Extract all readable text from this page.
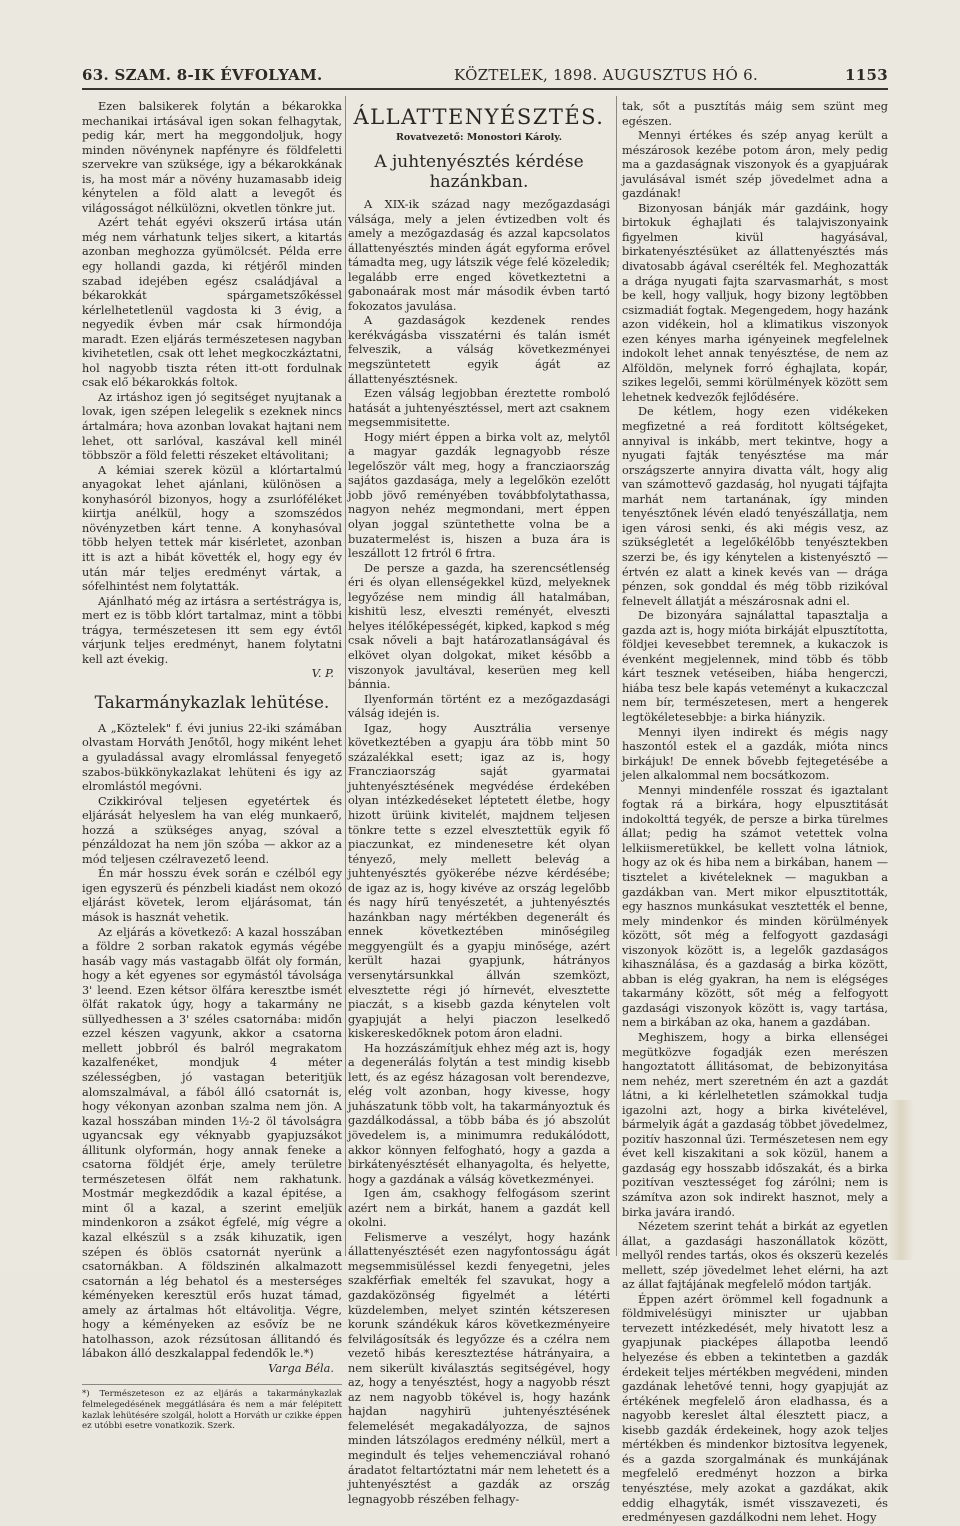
63. SZAM. 8-IK ÉVFOLYAM.	KÖZTELEK, 1898. AUGUSZTUS HÓ 6.	1153

Ezen balsikerek folytán a békarokka mechanikai irtásával igen sokan felhagytak, pedig kár, mert ha meggondoljuk, hogy minden növénynek napfényre és földfeletti szervekre van szüksége, igy a békarokkának is, ha most már a növény huzamasabb ideig kénytelen a föld alatt a levegőt és világosságot nélkülözni, okvetlen tönkre jut.

Azért tehát egyévi okszerű irtása után még nem várhatunk teljes sikert, a kitartás azonban meghozza gyümölcsét. Példa erre egy hollandi gazda, ki rétjéről minden szabad idejében egész családjával a békarokkát spárgametszőkéssel kérlelhetetlenül vagdosta ki 3 évig, a negyedik évben már csak hírmondója maradt. Ezen eljárás természetesen nagyban kivihetetlen, csak ott lehet megkoczkáztatni, hol nagyobb tiszta réten itt-ott fordulnak csak elő békarokkás foltok.

Az irtáshoz igen jó segitséget nyujtanak a lovak, igen szépen lelegelik s ezeknek nincs ártalmára; hova azonban lovakat hajtani nem lehet, ott sarlóval, kaszával kell minél többször a föld feletti részeket eltávolitani;

A kémiai szerek közül a klórtartalmú anyagokat lehet ajánlani, különösen a konyhasóról bizonyos, hogy a zsurlóféléket kiirtja anélkül, hogy a szomszédos növényzetben kárt tenne. A konyhasóval több helyen tettek már kisérletet, azonban itt is azt a hibát követték el, hogy egy év után már teljes eredményt vártak, a sófelhintést nem folytatták.

Ajánlható még az irtásra a sertéstrágya is, mert ez is több klórt tartalmaz, mint a többi trágya, természetesen itt sem egy évtől várjunk teljes eredményt, hanem folytatni kell azt évekig.

V. P.
Takarmánykazlak lehütése.

A „Köztelek" f. évi junius 22-iki számában olvastam Horváth Jenőtől, hogy miként lehet a gyuladással avagy elromlással fenyegető szabos-bükkönykazlakat lehüteni és igy az elromlástól megóvni.

Czikkiróval teljesen egyetértek és eljárását helyeslem ha van elég munkaerő, hozzá a szükséges anyag, szóval a pénzáldozat ha nem jön szóba — akkor az a mód teljesen czélravezető leend.

Én már hosszu évek során e czélból egy igen egyszerü és pénzbeli kiadást nem okozó eljárást követek, lerom eljárásomat, tán mások is hasznát vehetik.

Az eljárás a következő: A kazal hosszában a földre 2 sorban rakatok egymás végébe hasáb vagy más vastagabb ölfát oly formán, hogy a két egyenes sor egymástól távolsága 3' leend. Ezen kétsor ölfára keresztbe ismét ölfát rakatok úgy, hogy a takarmány ne süllyedhessen a 3' széles csatornába: midőn ezzel készen vagyunk, akkor a csatorna mellett jobbról és balról megrakatom kazalfenéket, mondjuk 4 méter szélességben, jó vastagan beteritjük alomszalmával, a fából álló csatornát is, hogy vékonyan azonban szalma nem jön. A kazal hosszában minden 1½-2 öl távolságra ugyancsak egy véknyabb gyapjuzsákot állitunk olyformán, hogy annak feneke a csatorna földjét érje, amely területre természetesen ölfát nem rakhatunk. Mostmár megkezdődik a kazal épitése, a mint ől a kazal, a szerint emeljük mindenkoron a zsákot égfelé, míg végre a kazal elkészül s a zsák kihuzatik, igen szépen és öblös csatornát nyerünk a csatornákban. A földszinén alkalmazott csatornán a lég behatol és a mesterséges kéményeken keresztül erős huzat támad, amely az ártalmas hőt eltávolitja. Végre, hogy a kéményeken az esővíz be ne hatolhasson, azok rézsútosan állitandó és lábakon álló deszkalappal fedendők le.*)

Varga Béla.
*) Természeteson ez az eljárás a takarmánykazlak felmelegedésének meggátlására és nem a már felépitett kazlak lehütésére szolgál, holott a Horváth ur czikke éppen ez utóbbi esetre vonatkozik. Szerk.
ÁLLATTENYÉSZTÉS.
Rovatvezető: Monostori Károly.
A juhtenyésztés kérdése hazánkban.

A XIX-ik század nagy mezőgazdasági válsága, mely a jelen évtizedben volt és amely a mezőgazdaság és azzal kapcsolatos állattenyésztés minden ágát egyforma erővel támadta meg, ugy látszik vége felé közeledik; legalább erre enged következtetni a gabonaárak most már második évben tartó fokozatos javulása.

A gazdaságok kezdenek rendes kerékvágásba visszatérni és talán ismét felveszik, a válság következményei megszüntetett egyik ágát az állattenyésztésnek.

Ezen válság legjobban éreztette romboló hatását a juhtenyésztéssel, mert azt csaknem megsemmisitette.

Hogy miért éppen a birka volt az, melytől a magyar gazdák legnagyobb része legelőször vált meg, hogy a francziaország sajátos gazdasága, mely a legelőkön ezelőtt jobb jövő reményében továbbfolytathassa, nagyon nehéz megmondani, mert éppen olyan joggal szüntethette volna be a buzatermelést is, hiszen a buza ára is leszállott 12 frtról 6 frtra.

De persze a gazda, ha szerencsétlenség éri és olyan ellenségekkel küzd, melyeknek legyőzése nem mindig áll hatalmában, kishitü lesz, elveszti reményét, elveszti helyes itélőképességét, kipked, kapkod s még csak nőveli a bajt határozatlanságával és elkövet olyan dolgokat, miket később a viszonyok javultával, keserüen meg kell bánnia.

Ilyenformán történt ez a mezőgazdasági válság idején is.

Igaz, hogy Ausztrália versenye következtében a gyapju ára több mint 50 százalékkal esett; igaz az is, hogy Francziaország saját gyarmatai juhtenyésztésének megvédése érdekében olyan intézkedéseket léptetett életbe, hogy hizott ürüink kivitelét, majdnem teljesen tönkre tette s ezzel elvesztettük egyik fő piaczunkat, ez mindenesetre két olyan tényező, mely mellett belevág a juhtenyésztés gyökerébe nézve kérdésébe; de igaz az is, hogy kivéve az ország legelőbb és nagy hírű tenyészetét, a juhtenyésztés hazánkban nagy mértékben degenerált és ennek következtében minőségileg meggyengült és a gyapju minősége, azért került hazai gyapjunk, hátrányos versenytársunkkal állván szemközt, elvesztette régi jó hírnevét, elvesztette piaczát, s a kisebb gazda kénytelen volt gyapjuját a helyi piaczon leselkedő kiskereskedőknek potom áron eladni.

Ha hozzászámítjuk ehhez még azt is, hogy a degenerálás folytán a test mindig kisebb lett, és az egész házagosan volt berendezve, elég volt azonban, hogy kivesse, hogy juhászatunk több volt, ha takarmányoztuk és gazdálkodással, a több bába és jó abszolút jövedelem is, a minimumra redukálódott, akkor könnyen felfogható, hogy a gazda a birkátenyésztését elhanyagolta, és helyette, hogy a gazdának a válság következményei.

Igen ám, csakhogy felfogásom szerint azért nem a birkát, hanem a gazdát kell okolni.

Felismerve a veszélyt, hogy hazánk állattenyésztését ezen nagyfontosságu ágát megsemmisüléssel kezdi fenyegetni, jeles szakférfiak emelték fel szavukat, hogy a gazdaközönség figyelmét a létérti küzdelemben, melyet szintén kétszeresen korunk szándékuk káros következményeire felvilágosítsák és legyőzze és a czélra nem vezető hibás kereszteztése hátrányaira, a nem sikerült kiválasztás segitségével, hogy az, hogy a tenyésztést, hogy a nagyobb részt az nem nagyobb tökével is, hogy hazánk hajdan nagyhirü juhtenyésztésének felemelését megakadályozza, de sajnos minden látszólagos eredmény nélkül, mert a megindult és teljes vehemencziával rohanó áradatot feltartóztatni már nem lehetett és a juhtenyésztést a gazdák az ország legnagyobb részében felhagy-

tak, sőt a pusztítás máig sem szünt meg egészen.

Mennyi értékes és szép anyag került a mészárosok kezébe potom áron, mely pedig ma a gazdaságnak viszonyok és a gyapjuárak javulásával ismét szép jövedelmet adna a gazdának!

Bizonyosan bánják már gazdáink, hogy birtokuk éghajlati és talajviszonyaink figyelmen kivül hagyásával, birkatenyésztésüket az állattenyésztés más divatosabb ágával cserélték fel. Meghozatták a drága nyugati fajta szarvasmarhát, s most be kell, hogy valljuk, hogy bizony legtöbben csizmadiát fogtak. Megengedem, hogy hazánk azon vidékein, hol a klimatikus viszonyok ezen kényes marha igényeinek megfelelnek indokolt lehet annak tenyésztése, de nem az Alföldön, melynek forró éghajlata, kopár, szikes legelői, semmi körülmények között sem lehetnek kedvezők fejlődésére.

De kétlem, hogy ezen vidékeken megfizetné a reá forditott költségeket, annyival is inkább, mert tekintve, hogy a nyugati fajták tenyésztése ma már országszerte annyira divatta vált, hogy alig van számottevő gazdaság, hol nyugati tájfajta marhát nem tartanának, így minden tenyésztőnek lévén eladó tenyészállatja, nem igen városi senki, és aki mégis vesz, az szükségletét a legelőkélőbb tenyésztekben szerzi be, és igy kénytelen a kistenyésztő — értvén ez alatt a kinek kevés van — drága pénzen, sok gonddal és még több rizikóval felnevelt állatját a mészárosnak adni el.

De bizonyára sajnálattal tapasztalja a gazda azt is, hogy mióta birkáját elpusztította, földjei kevesebbet teremnek, a kukaczok is évenként megjelennek, mind több és több kárt tesznek vetéseiben, hiába hengerczi, hiába tesz bele kapás veteményt a kukaczczal nem bír, természetesen, mert a hengerek legtökéletesebbje: a birka hiányzik.

Mennyi ilyen indirekt és mégis nagy haszontól estek el a gazdák, mióta nincs birkájuk! De ennek bővebb fejtegetésébe a jelen alkalommal nem bocsátkozom.

Mennyi mindenféle rosszat és igaztalant fogtak rá a birkára, hogy elpusztitását indokolttá tegyék, de persze a birka türelmes állat; pedig ha számot vetettek volna lelkiismeretükkel, be kellett volna látniok, hogy az ok és hiba nem a birkában, hanem — tisztelet a kivételeknek — magukban a gazdákban van. Mert mikor elpusztitották, egy hasznos munkásukat vesztették el benne, mely mindenkor és minden körülmények között, sőt még a felfogyott gazdasági viszonyok között is, a legelők gazdaságos kihasználása, és a gazdaság a birka között, abban is elég gyakran, ha nem is elégséges takarmány között, sőt még a felfogyott gazdasági viszonyok között is, vagy tartása, nem a birkában az oka, hanem a gazdában.

Meghiszem, hogy a birka ellenségei megütközve fogadják ezen merészen hangoztatott állitásomat, de bebizonyitása nem nehéz, mert szeretném én azt a gazdát látni, a ki kérlelhetetlen számokkal tudja igazolni azt, hogy a birka kivételével, bármelyik ágát a gazdaság többet jövedelmez, pozitív haszonnal űzi. Természetesen nem egy évet kell kiszakitani a sok közül, hanem a gazdaság egy hosszabb időszakát, és a birka pozitívan vesztességet fog zárólni; nem is számítva azon sok indirekt hasznot, mely a birka javára irandó.

Nézetem szerint tehát a birkát az egyetlen állat, a gazdasági haszonállatok között, mellyől rendes tartás, okos és okszerü kezelés mellett, szép jövedelmet lehet elérni, ha azt az állat fajtájának megfelelő módon tartják.

Éppen azért örömmel kell fogadnunk a földmivelésügyi miniszter ur ujabban tervezett intézkedését, mely hivatott lesz a gyapjunak piacképes állapotba leendő helyezése és ebben a tekintetben a gazdák érdekeit teljes mértékben megvédeni, minden gazdának lehetővé tenni, hogy gyapjuját az értékének megfelelő áron eladhassa, és a nagyobb kereslet által élesztett piacz, a kisebb gazdák érdekeinek, hogy azok teljes mértékben és mindenkor biztosítva legyenek, és a gazda szorgalmának és munkájának megfelelő eredményt hozzon a birka tenyésztése, mely azokat a gazdákat, akik eddig elhagyták, ismét visszavezeti, és eredményesen gazdálkodni nem lehet. Hogy
